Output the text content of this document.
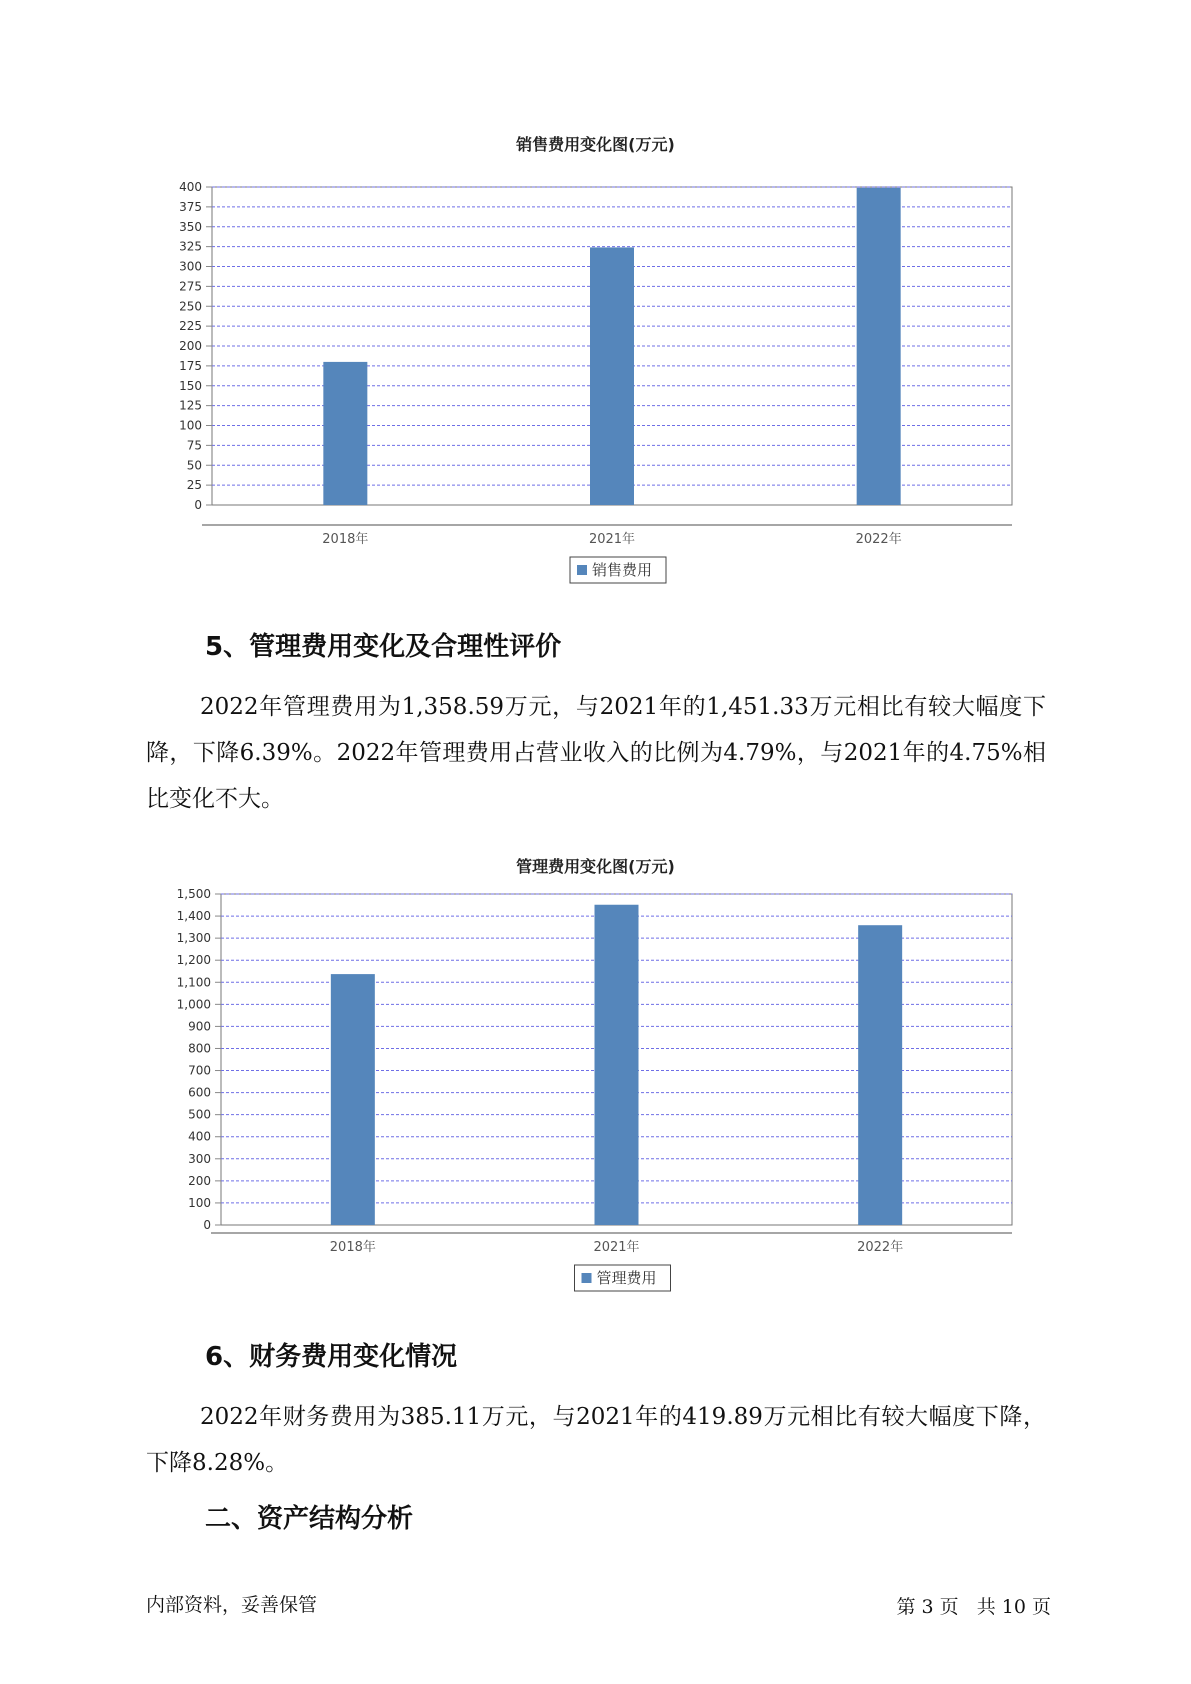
销售费用变化图(万元)
0
25
50
75
100
125
150
175
200
225
250
275
300
325
350
375
400
2018年	2021年	2022年
销售费用
5、管理费用变化及合理性评价

2022年管理费用为1,358.59万元，与2021年的1,451.33万元相比有较大幅度下降，下降6.39%。2022年管理费用占营业收入的比例为4.79%，与2021年的4.75%相比变化不大。

管理费用变化图(万元)
0
100
200
300
400
500
600
700
800
900
1,000
1,100
1,200
1,300
1,400
1,500
2018年	2021年	2022年
管理费用
6、财务费用变化情况

2022年财务费用为385.11万元，与2021年的419.89万元相比有较大幅度下降，下降8.28%。

二、资产结构分析
内部资料，妥善保管	第 3 页   共 10 页
